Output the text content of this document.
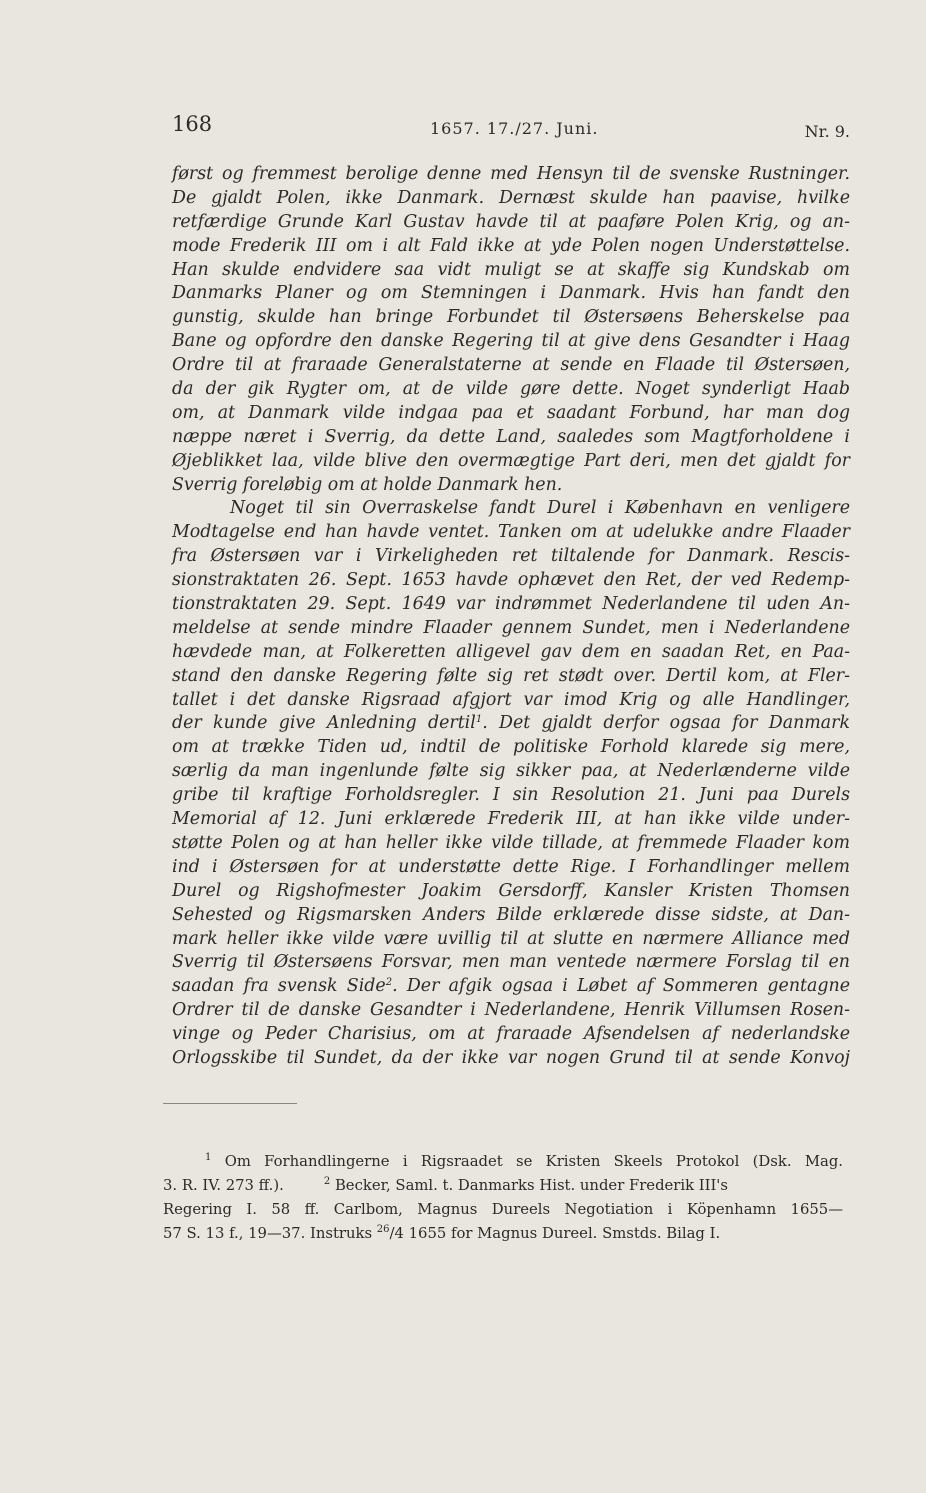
168	1657. 17./27. Juni.	Nr. 9.
først og fremmest berolige denne med Hensyn til de svenske Rustninger.
De gjaldt Polen, ikke Danmark. Dernæst skulde han paavise, hvilke
retfærdige Grunde Karl Gustav havde til at paaføre Polen Krig, og an-
mode Frederik III om i alt Fald ikke at yde Polen nogen Understøttelse.
Han skulde endvidere saa vidt muligt se at skaffe sig Kundskab om
Danmarks Planer og om Stemningen i Danmark. Hvis han fandt den
gunstig, skulde han bringe Forbundet til Østersøens Beherskelse paa
Bane og opfordre den danske Regering til at give dens Gesandter i Haag
Ordre til at fraraade Generalstaterne at sende en Flaade til Østersøen,
da der gik Rygter om, at de vilde gøre dette. Noget synderligt Haab
om, at Danmark vilde indgaa paa et saadant Forbund, har man dog
næppe næret i Sverrig, da dette Land, saaledes som Magtforholdene i
Øjeblikket laa, vilde blive den overmægtige Part deri, men det gjaldt for
Sverrig foreløbig om at holde Danmark hen.
Noget til sin Overraskelse fandt Durel i København en venligere
Modtagelse end han havde ventet. Tanken om at udelukke andre Flaader
fra Østersøen var i Virkeligheden ret tiltalende for Danmark. Rescis-
sionstraktaten 26. Sept. 1653 havde ophævet den Ret, der ved Redemp-
tionstraktaten 29. Sept. 1649 var indrømmet Nederlandene til uden An-
meldelse at sende mindre Flaader gennem Sundet, men i Nederlandene
hævdede man, at Folkeretten alligevel gav dem en saadan Ret, en Paa-
stand den danske Regering følte sig ret stødt over. Dertil kom, at Fler-
tallet i det danske Rigsraad afgjort var imod Krig og alle Handlinger,
der kunde give Anledning dertil$^1$. Det gjaldt derfor ogsaa for Danmark
om at trække Tiden ud, indtil de politiske Forhold klarede sig mere,
særlig da man ingenlunde følte sig sikker paa, at Nederlænderne vilde
gribe til kraftige Forholdsregler. I sin Resolution 21. Juni paa Durels
Memorial af 12. Juni erklærede Frederik III, at han ikke vilde under-
støtte Polen og at han heller ikke vilde tillade, at fremmede Flaader kom
ind i Østersøen for at understøtte dette Rige. I Forhandlinger mellem
Durel og Rigshofmester Joakim Gersdorff, Kansler Kristen Thomsen
Sehested og Rigsmarsken Anders Bilde erklærede disse sidste, at Dan-
mark heller ikke vilde være uvillig til at slutte en nærmere Alliance med
Sverrig til Østersøens Forsvar, men man ventede nærmere Forslag til en
saadan fra svensk Side$^2$. Der afgik ogsaa i Løbet af Sommeren gentagne
Ordrer til de danske Gesandter i Nederlandene, Henrik Villumsen Rosen-
vinge og Peder Charisius, om at fraraade Afsendelsen af nederlandske
Orlogsskibe til Sundet, da der ikke var nogen Grund til at sende Konvoj
$^1$ Om Forhandlingerne i Rigsraadet se Kristen Skeels Protokol (Dsk. Mag.
3. R. IV. 273 ff.).	$^2$ Becker, Saml. t. Danmarks Hist. under Frederik III's
Regering I. 58 ff. Carlbom, Magnus Dureels Negotiation i Köpenhamn 1655—
57 S. 13 f., 19—37. Instruks $^{26}$/4 1655 for Magnus Dureel. Smstds. Bilag I.
